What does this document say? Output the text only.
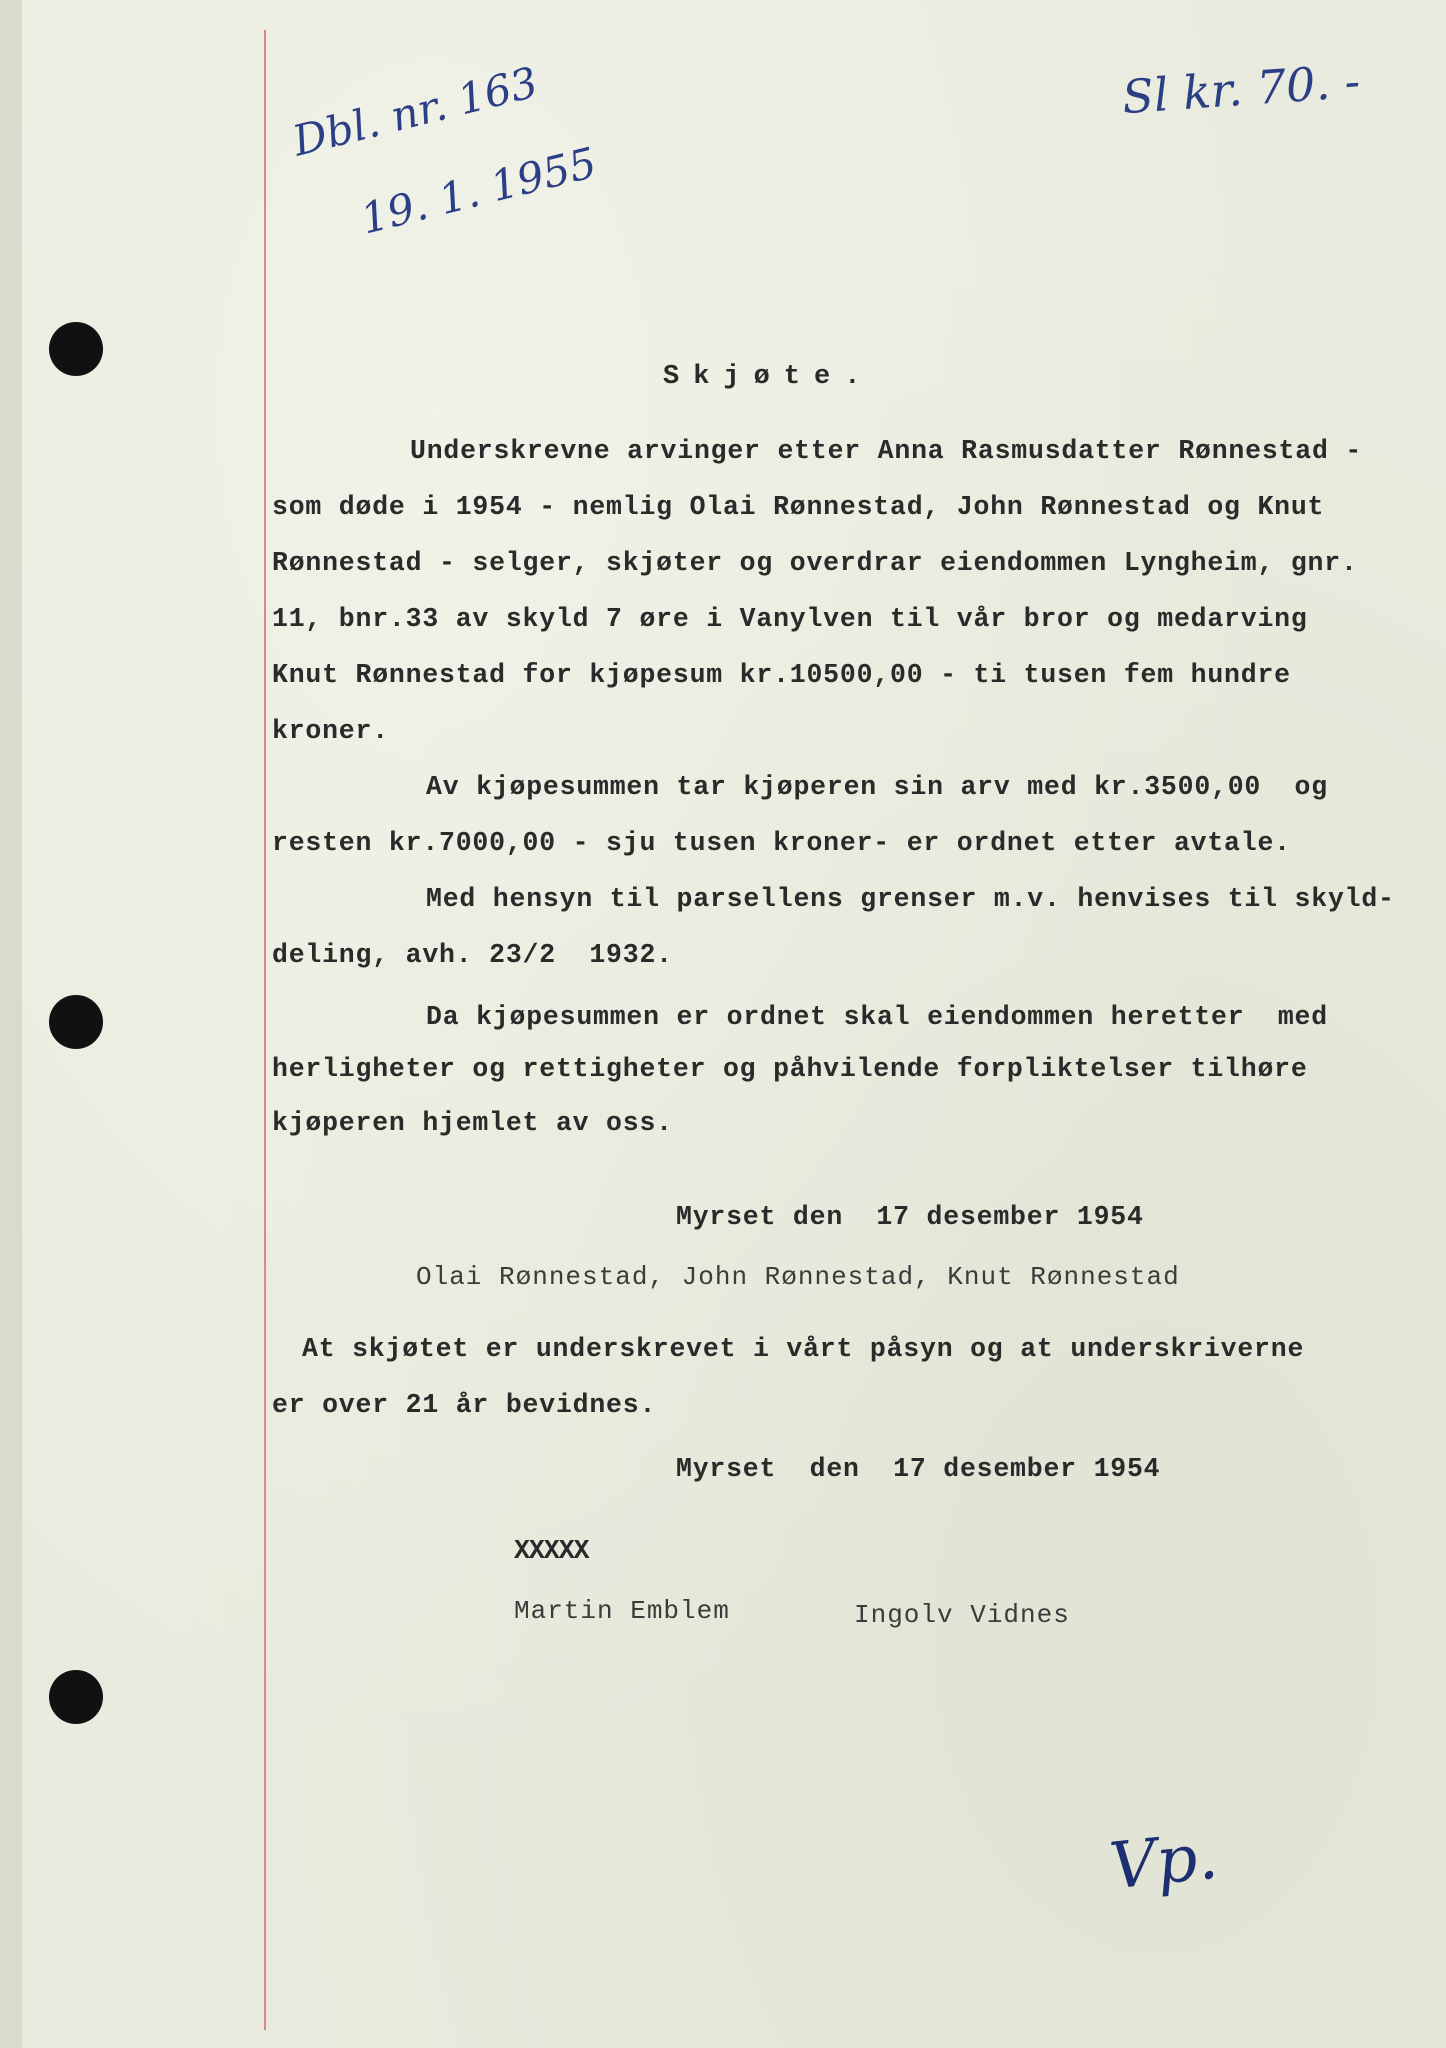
Sl kr. 70. -
Dbl. nr. 163
19. 1. 1955
Skjøte.
Underskrevne arvinger etter Anna Rasmusdatter Rønnestad -
som døde i 1954 - nemlig Olai Rønnestad, John Rønnestad og Knut
Rønnestad - selger, skjøter og overdrar eiendommen Lyngheim, gnr.
11, bnr.33 av skyld 7 øre i Vanylven til vår bror og medarving
Knut Rønnestad for kjøpesum kr.10500,00 - ti tusen fem hundre
kroner.
Av kjøpesummen tar kjøperen sin arv med kr.3500,00  og
resten kr.7000,00 - sju tusen kroner- er ordnet etter avtale.
Med hensyn til parsellens grenser m.v. henvises til skyld-
deling, avh. 23/2  1932.
Da kjøpesummen er ordnet skal eiendommen heretter  med
herligheter og rettigheter og påhvilende forpliktelser tilhøre
kjøperen hjemlet av oss.
Myrset den  17 desember 1954
Olai Rønnestad, John Rønnestad, Knut Rønnestad
At skjøtet er underskrevet i vårt påsyn og at underskriverne
er over 21 år bevidnes.
Myrset  den  17 desember 1954
XXXXX
Martin Emblem	Ingolv Vidnes
Vp.
